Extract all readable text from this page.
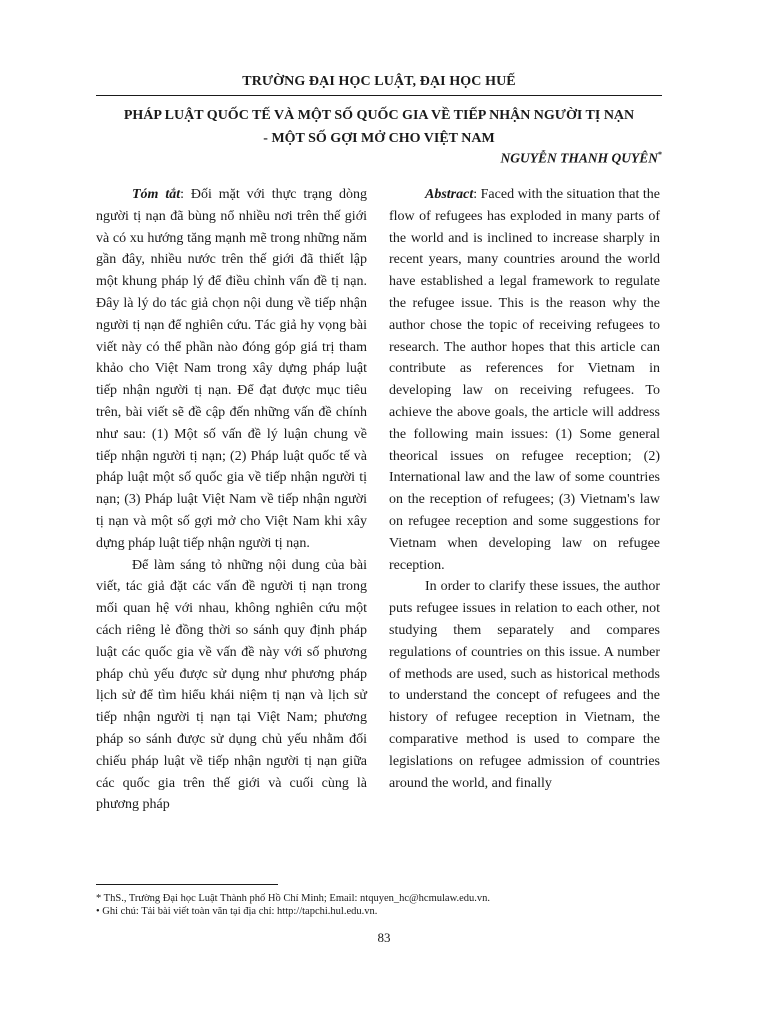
TRƯỜNG ĐẠI HỌC LUẬT, ĐẠI HỌC HUẾ
PHÁP LUẬT QUỐC TẾ VÀ MỘT SỐ QUỐC GIA VỀ TIẾP NHẬN NGƯỜI TỊ NẠN
- MỘT SỐ GỢI MỞ CHO VIỆT NAM
NGUYỄN THANH QUYÊN*

Tóm tắt: Đối mặt với thực trạng dòng người tị nạn đã bùng nổ nhiều nơi trên thế giới và có xu hướng tăng mạnh mẽ trong những năm gần đây, nhiều nước trên thế giới đã thiết lập một khung pháp lý để điều chỉnh vấn đề tị nạn. Đây là lý do tác giả chọn nội dung về tiếp nhận người tị nạn để nghiên cứu. Tác giả hy vọng bài viết này có thể phần nào đóng góp giá trị tham khảo cho Việt Nam trong xây dựng pháp luật tiếp nhận người tị nạn. Để đạt được mục tiêu trên, bài viết sẽ đề cập đến những vấn đề chính như sau: (1) Một số vấn đề lý luận chung về tiếp nhận người tị nạn; (2) Pháp luật quốc tế và pháp luật một số quốc gia về tiếp nhận người tị nạn; (3) Pháp luật Việt Nam về tiếp nhận người tị nạn và một số gợi mở cho Việt Nam khi xây dựng pháp luật tiếp nhận người tị nạn.

Để làm sáng tỏ những nội dung của bài viết, tác giả đặt các vấn đề người tị nạn trong mối quan hệ với nhau, không nghiên cứu một cách riêng lẻ đồng thời so sánh quy định pháp luật các quốc gia về vấn đề này với số phương pháp chủ yếu được sử dụng như phương pháp lịch sử để tìm hiểu khái niệm tị nạn và lịch sử tiếp nhận người tị nạn tại Việt Nam; phương pháp so sánh được sử dụng chủ yếu nhằm đối chiếu pháp luật về tiếp nhận người tị nạn giữa các quốc gia trên thế giới và cuối cùng là phương pháp

Abstract: Faced with the situation that the flow of refugees has exploded in many parts of the world and is inclined to increase sharply in recent years, many countries around the world have established a legal framework to regulate the refugee issue. This is the reason why the author chose the topic of receiving refugees to research. The author hopes that this article can contribute as references for Vietnam in developing law on receiving refugees. To achieve the above goals, the article will address the following main issues: (1) Some general theorical issues on refugee reception; (2) International law and the law of some countries on the reception of refugees; (3) Vietnam's law on refugee reception and some suggestions for Vietnam when developing law on refugee reception.

In order to clarify these issues, the author puts refugee issues in relation to each other, not studying them separately and compares regulations of countries on this issue. A number of methods are used, such as historical methods to understand the concept of refugees and the history of refugee reception in Vietnam, the comparative method is used to compare the legislations on refugee admission of countries around the world, and finally

* ThS., Trường Đại học Luật Thành phố Hồ Chí Minh; Email: ntquyen_hc@hcmulaw.edu.vn.
• Ghi chú: Tải bài viết toàn văn tại địa chỉ: http://tapchi.hul.edu.vn.
83
